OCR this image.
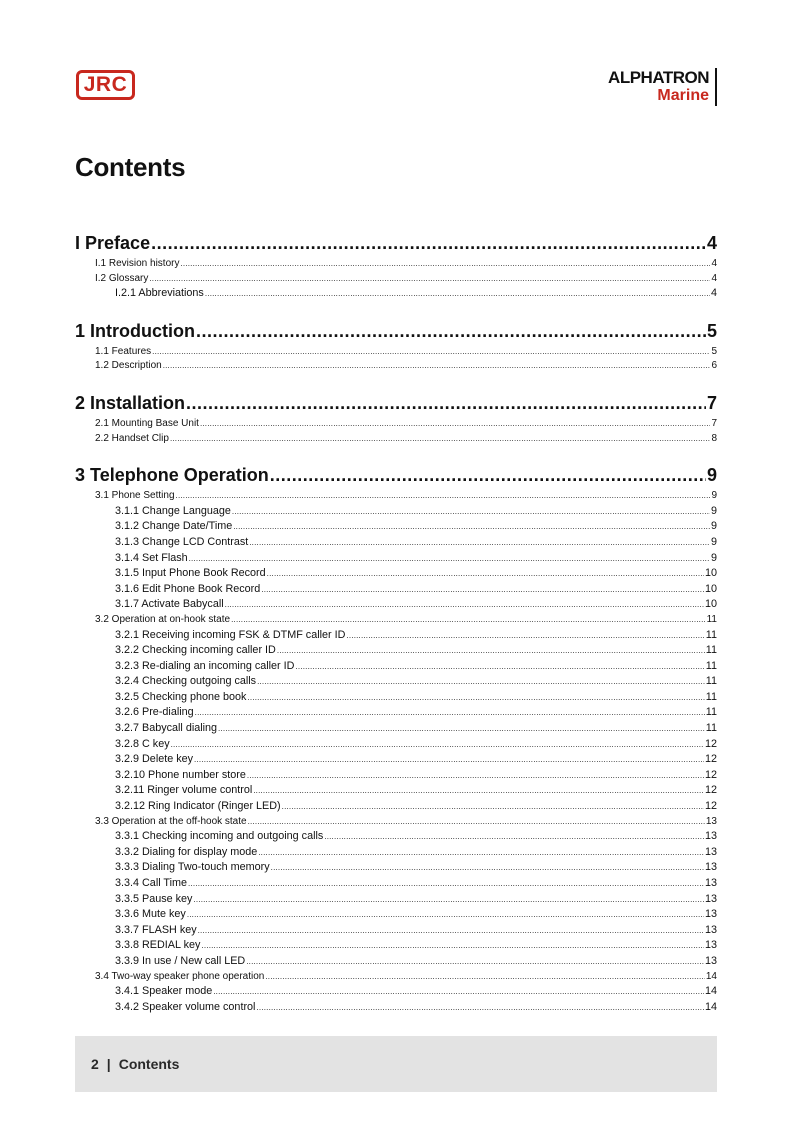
JRC	ALPHATRON
Marine
Contents
I Preface .....	4
I.1 Revision history .....	4
I.2 Glossary .....	4
I.2.1 Abbreviations .....	4
1 Introduction .....	5
1.1 Features .....	5
1.2 Description .....	6
2 Installation .....	7
2.1 Mounting Base Unit .....	7
2.2 Handset Clip .....	8
3 Telephone Operation .....	9
3.1 Phone Setting .....	9
3.1.1 Change Language .....	9
3.1.2 Change Date/Time .....	9
3.1.3 Change LCD Contrast .....	9
3.1.4 Set Flash .....	9
3.1.5 Input Phone Book Record .....	10
3.1.6 Edit Phone Book Record .....	10
3.1.7 Activate Babycall .....	10
3.2 Operation at on-hook state .....	11
3.2.1 Receiving incoming FSK & DTMF caller ID .....	11
3.2.2 Checking incoming caller ID .....	11
3.2.3 Re-dialing an incoming caller ID .....	11
3.2.4 Checking outgoing calls .....	11
3.2.5 Checking phone book .....	11
3.2.6 Pre-dialing .....	11
3.2.7 Babycall dialing .....	11
3.2.8 C key .....	12
3.2.9 Delete key .....	12
3.2.10 Phone number store .....	12
3.2.11 Ringer volume control .....	12
3.2.12 Ring Indicator (Ringer LED) .....	12
3.3 Operation at the off-hook state .....	13
3.3.1 Checking incoming and outgoing calls .....	13
3.3.2 Dialing for display mode .....	13
3.3.3 Dialing Two-touch memory .....	13
3.3.4 Call Time .....	13
3.3.5 Pause key .....	13
3.3.6 Mute key .....	13
3.3.7 FLASH key .....	13
3.3.8 REDIAL key .....	13
3.3.9 In use / New call LED .....	13
3.4 Two-way speaker phone operation .....	14
3.4.1 Speaker mode .....	14
3.4.2 Speaker volume control .....	14
2 | Contents
